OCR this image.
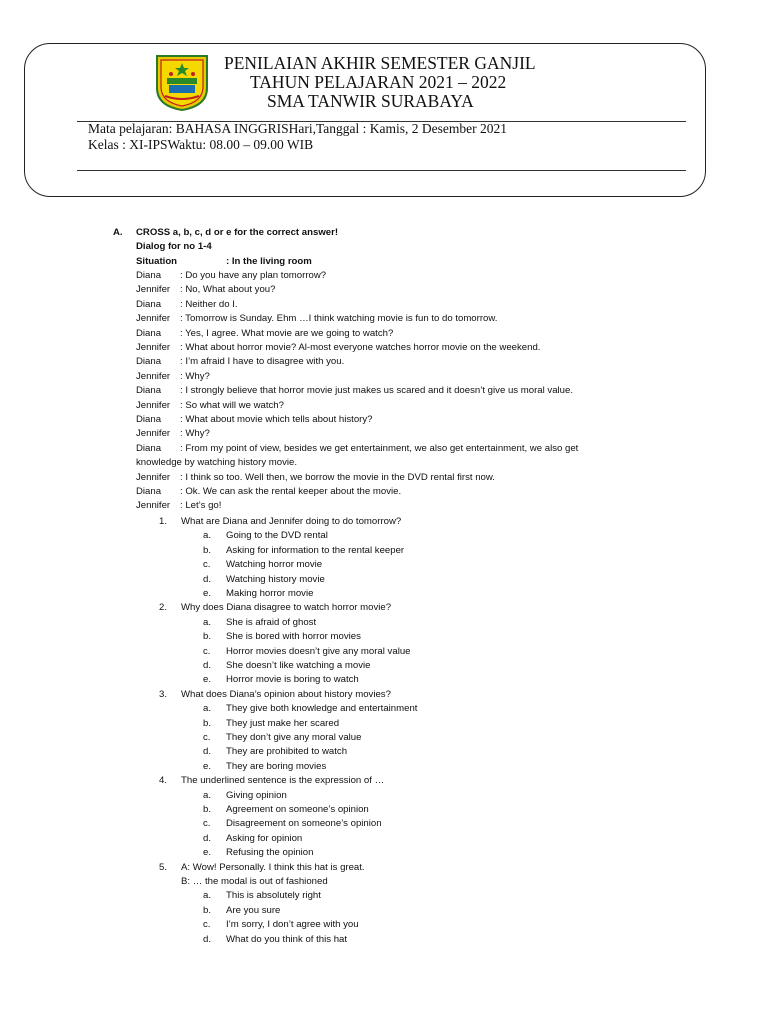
PENILAIAN AKHIR SEMESTER GANJIL
TAHUN PELAJARAN 2021 – 2022
SMA TANWIR SURABAYA
Mata pelajaran: BAHASA INGGRISHari,Tanggal : Kamis, 2 Desember 2021
Kelas : XI-IPSWaktu: 08.00 – 09.00 WIB
A. CROSS a, b, c, d or e for the correct answer!
Dialog for no 1-4
Situation	: In the living room
Diana : Do you have any plan tomorrow?
Jennifer : No, What about you?
Diana : Neither do I.
Jennifer : Tomorrow is Sunday. Ehm …I think watching movie is fun to do tomorrow.
Diana : Yes, I agree. What movie are we going to watch?
Jennifer : What about horror movie? Al-most everyone watches horror movie on the weekend.
Diana : I’m afraid I have to disagree with you.
Jennifer : Why?
Diana : I strongly believe that horror movie just makes us scared and it doesn’t give us moral value.
Jennifer : So what will we watch?
Diana : What about movie which tells about history?
Jennifer : Why?
Diana : From my point of view, besides we get entertainment, we also get entertainment, we also get
knowledge by watching history movie.
Jennifer : I think so too. Well then, we borrow the movie in the DVD rental first now.
Diana : Ok. We can ask the rental keeper about the movie.
Jennifer : Let’s go!
1. What are Diana and Jennifer doing to do tomorrow?
a. Going to the DVD rental
b. Asking for information to the rental keeper
c. Watching horror movie
d. Watching history movie
e. Making horror movie
2. Why does Diana disagree to watch horror movie?
a. She is afraid of ghost
b. She is bored with horror movies
c. Horror movies doesn’t give any moral value
d. She doesn’t like watching a movie
e. Horror movie is boring to watch
3. What does Diana’s opinion about history movies?
a. They give both knowledge and entertainment
b. They just make her scared
c. They don’t give any moral value
d. They are prohibited to watch
e. They are boring movies
4. The underlined sentence is the expression of …
a. Giving opinion
b. Agreement on someone’s opinion
c. Disagreement on someone’s opinion
d. Asking for opinion
e. Refusing the opinion
5. A: Wow! Personally. I think this hat is great.
B: … the modal is out of fashioned
a. This is absolutely right
b. Are you sure
c. I’m sorry, I don’t agree with you
d. What do you think of this hat
